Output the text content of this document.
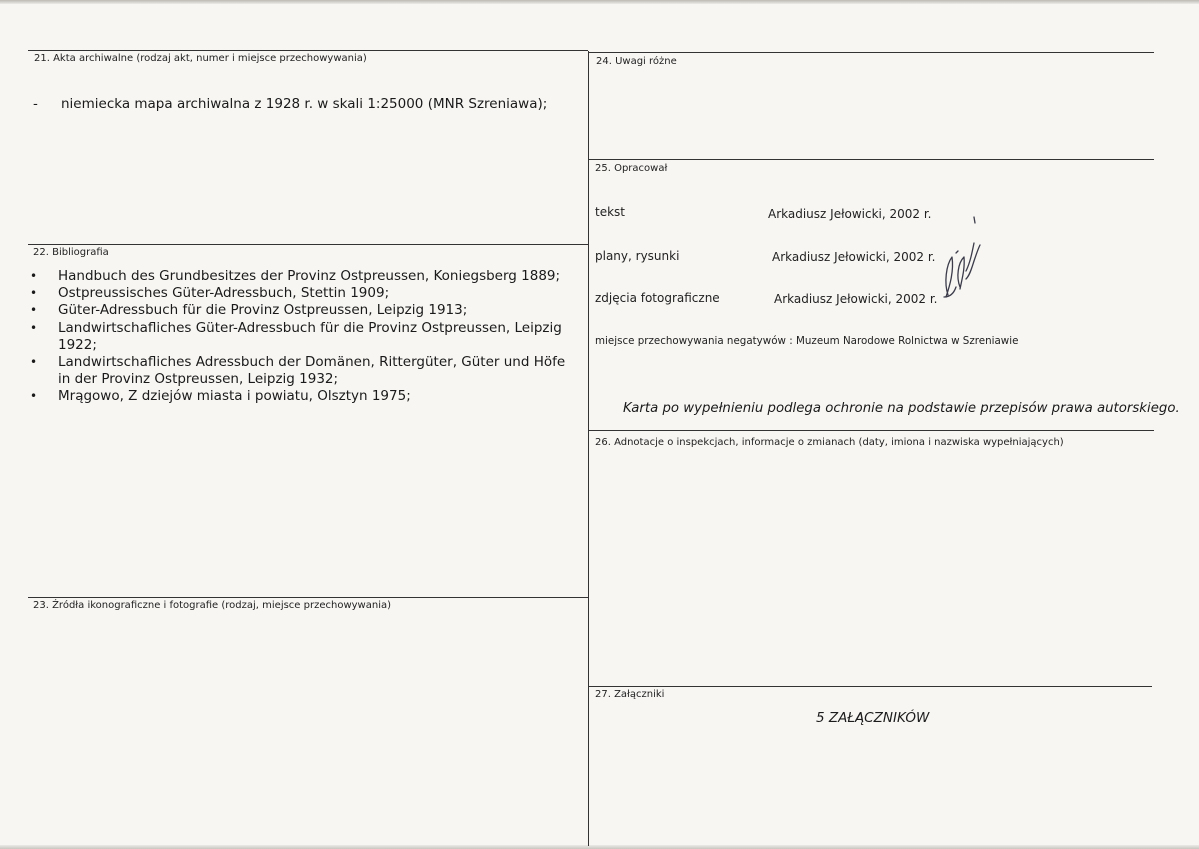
21. Akta archiwalne (rodzaj akt, numer i miejsce przechowywania)
- niemiecka mapa archiwalna z 1928 r. w skali 1:25000 (MNR Szreniawa);
22. Bibliografia
• Handbuch des Grundbesitzes der Provinz Ostpreussen, Koniegsberg 1889;
• Ostpreussisches Güter-Adressbuch, Stettin 1909;
• Güter-Adressbuch für die Provinz Ostpreussen, Leipzig 1913;
• Landwirtschafliches Güter-Adressbuch für die Provinz Ostpreussen, Leipzig 1922;
• Landwirtschafliches Adressbuch der Domänen, Rittergüter, Güter und Höfe in der Provinz Ostpreussen, Leipzig 1932;
• Mrągowo, Z dziejów miasta i powiatu, Olsztyn 1975;
23. Źródła ikonograficzne i fotografie (rodzaj, miejsce przechowywania)
24. Uwagi różne
25. Opracował
tekst	Arkadiusz Jełowicki, 2002 r.
plany, rysunki	Arkadiusz Jełowicki, 2002 r.
zdjęcia fotograficzne	Arkadiusz Jełowicki, 2002 r.
miejsce przechowywania negatywów : Muzeum Narodowe Rolnictwa w Szreniawie
Karta po wypełnieniu podlega ochronie na podstawie przepisów prawa autorskiego.
26. Adnotacje o inspekcjach, informacje o zmianach (daty, imiona i nazwiska wypełniających)
27. Załączniki
5 ZAŁĄCZNIKÓW
